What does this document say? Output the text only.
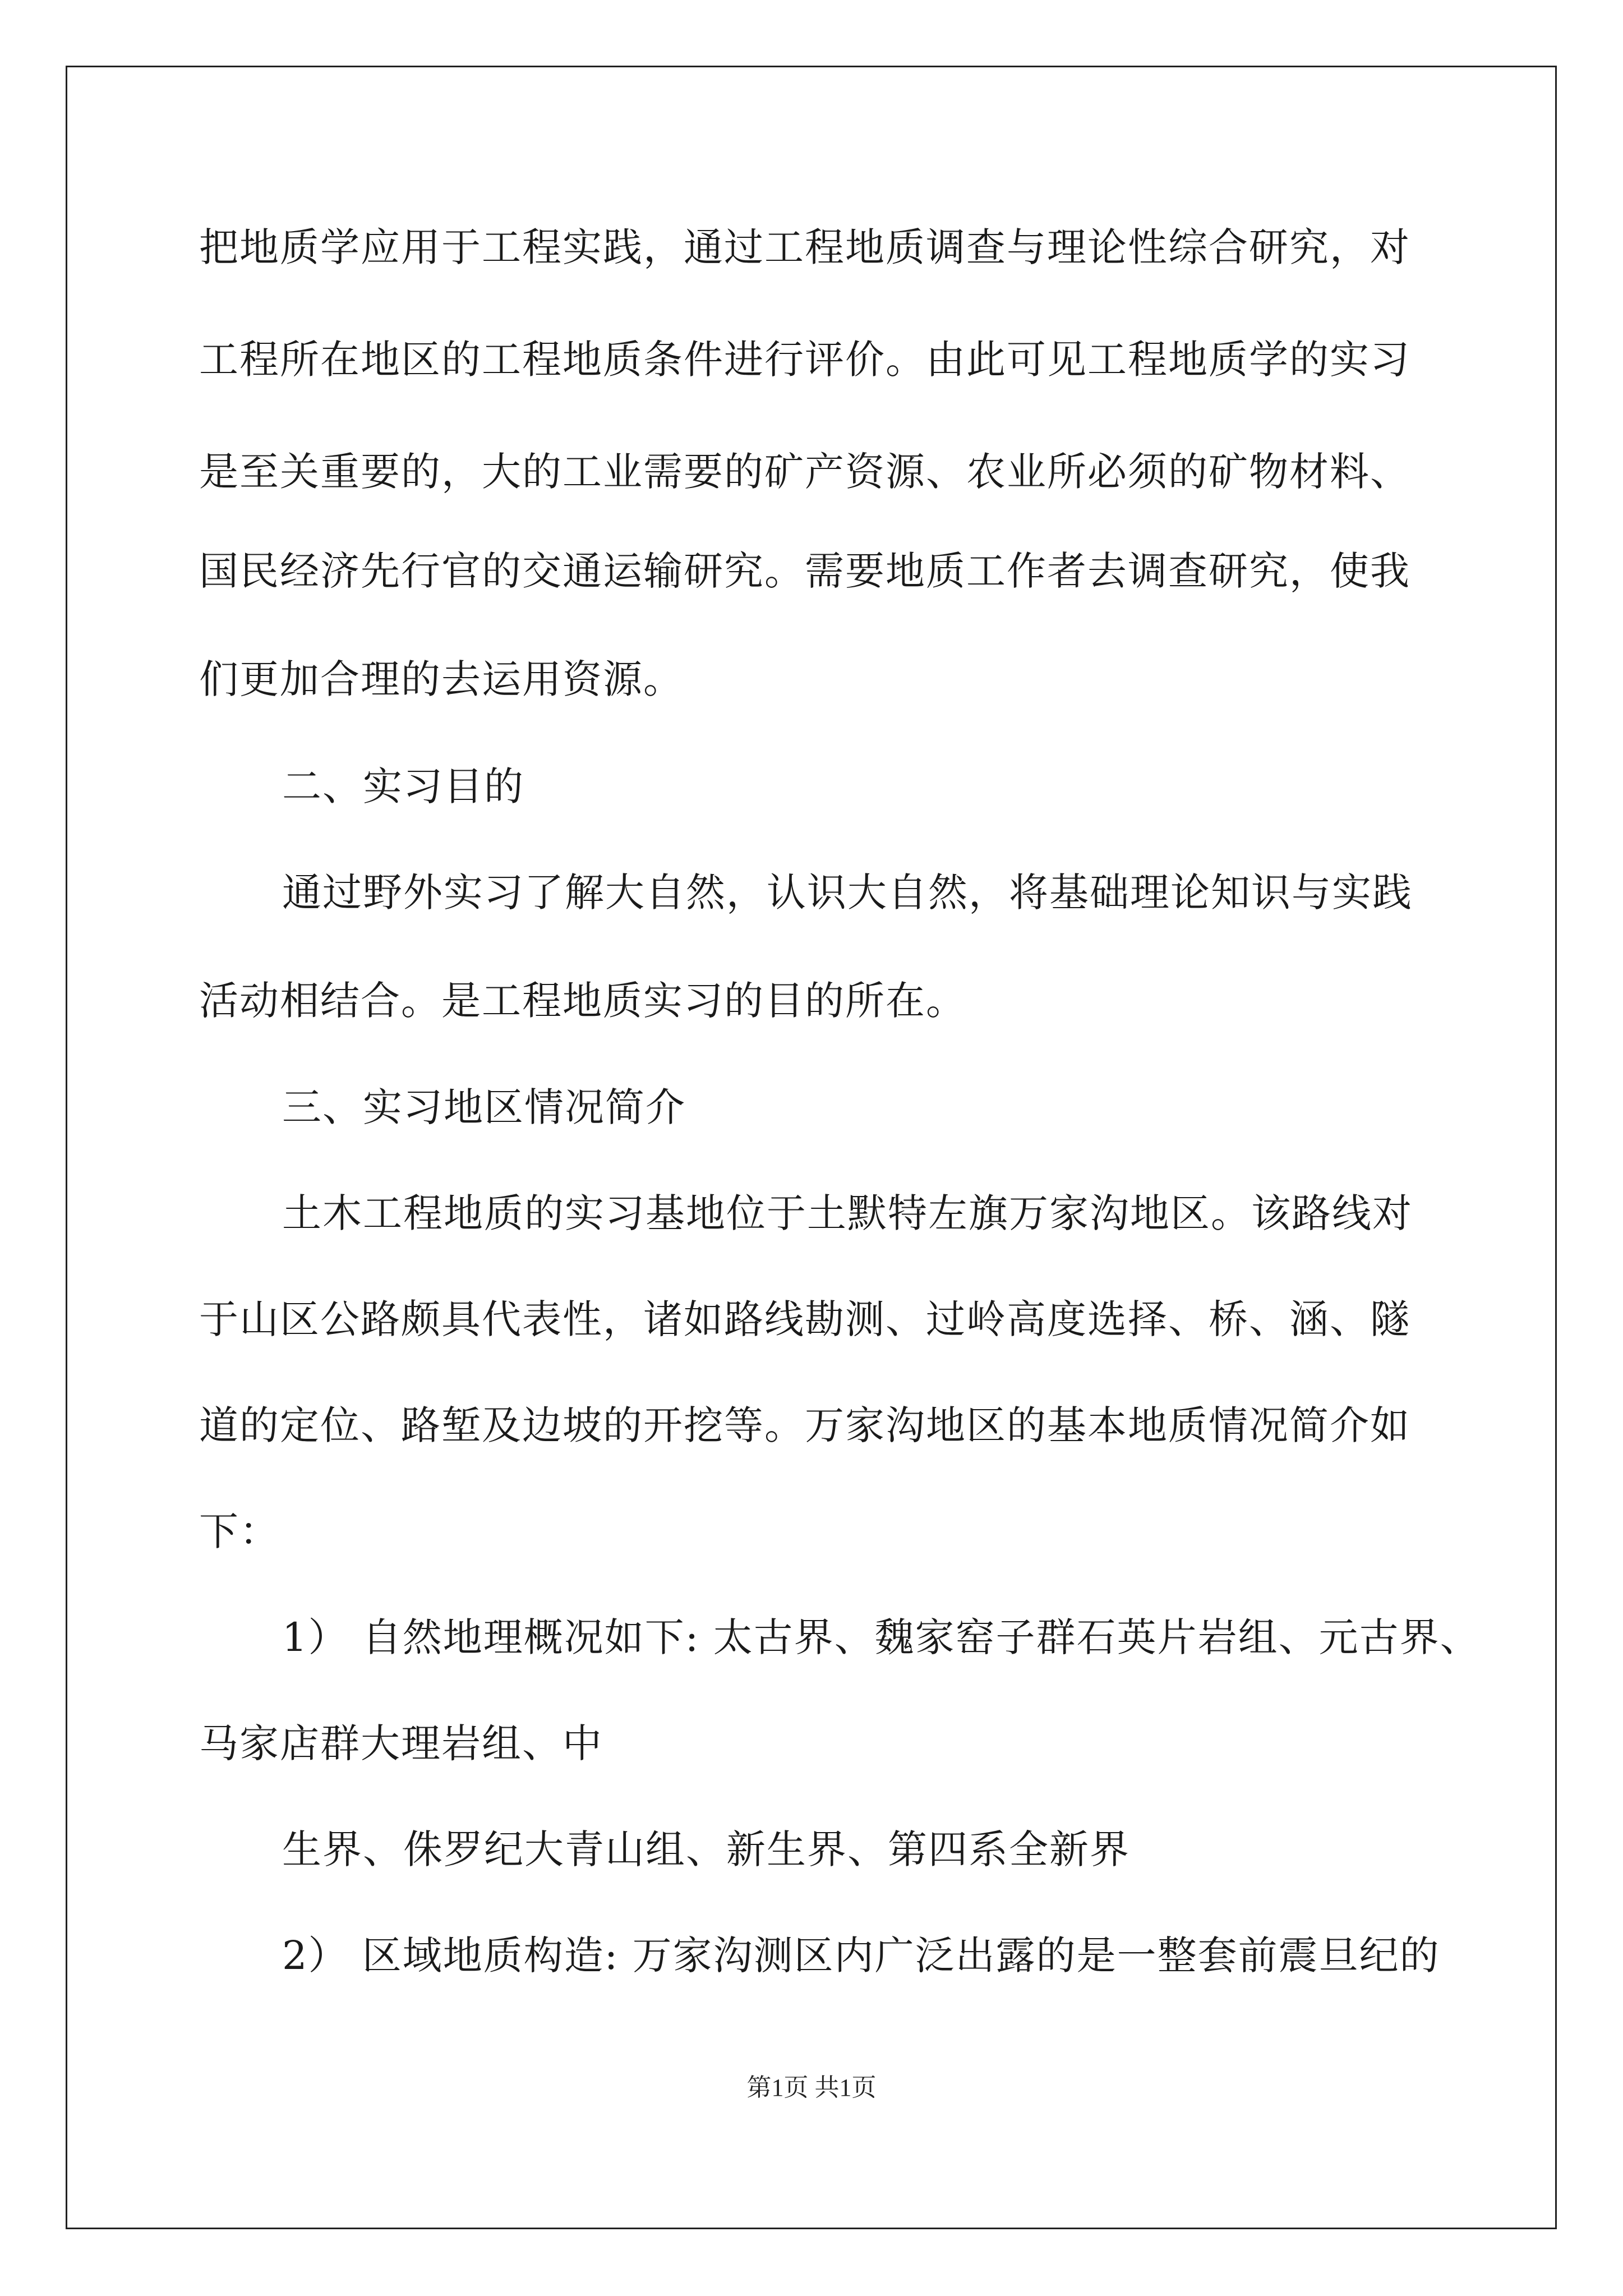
把地质学应用于工程实践，通过工程地质调查与理论性综合研究，对
工程所在地区的工程地质条件进行评价。由此可见工程地质学的实习
是至关重要的，大的工业需要的矿产资源、农业所必须的矿物材料、
国民经济先行官的交通运输研究。需要地质工作者去调查研究，使我
们更加合理的去运用资源。
二、实习目的
通过野外实习了解大自然，认识大自然，将基础理论知识与实践
活动相结合。是工程地质实习的目的所在。
三、实习地区情况简介
土木工程地质的实习基地位于土默特左旗万家沟地区。该路线对
于山区公路颇具代表性，诸如路线勘测、过岭高度选择、桥、涵、隧
道的定位、路堑及边坡的开挖等。万家沟地区的基本地质情况简介如
下：
1） 自然地理概况如下: 太古界、魏家窑子群石英片岩组、元古界、
马家店群大理岩组、中
生界、侏罗纪大青山组、新生界、第四系全新界
2） 区域地质构造: 万家沟测区内广泛出露的是一整套前震旦纪的
第1页 共1页
